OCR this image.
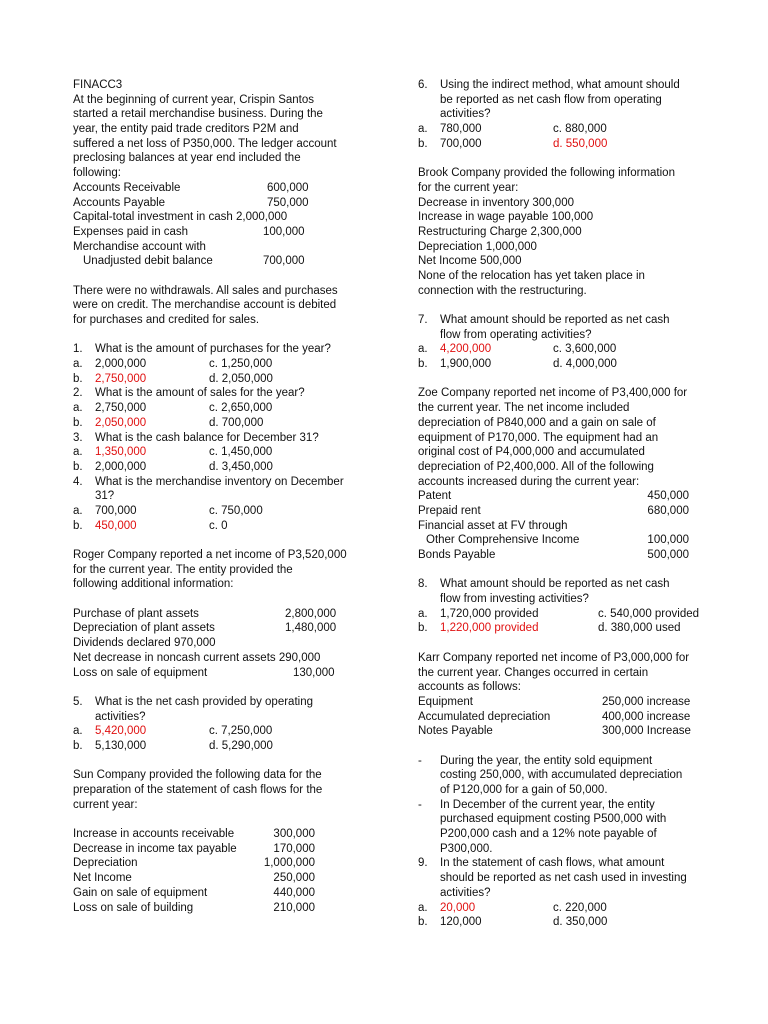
FINACC3
At the beginning of current year, Crispin Santos
started a retail merchandise business. During the
year, the entity paid trade creditors P2M and
suffered a net loss of P350,000. The ledger account
preclosing balances at year end included the
following:
Accounts Receivable	600,000
Accounts Payable	750,000
Capital-total investment in cash 2,000,000
Expenses paid in cash	100,000
Merchandise account with
Unadjusted debit balance	700,000
There were no withdrawals. All sales and purchases
were on credit. The merchandise account is debited
for purchases and credited for sales.
1. What is the amount of purchases for the year?
a. 2,000,000	c. 1,250,000
b. 2,750,000	d. 2,050,000
2. What is the amount of sales for the year?
a. 2,750,000	c. 2,650,000
b. 2,050,000	d. 700,000
3. What is the cash balance for December 31?
a. 1,350,000	c. 1,450,000
b. 2,000,000	d. 3,450,000
4. What is the merchandise inventory on December
31?
a. 700,000	c. 750,000
b. 450,000	c. 0
Roger Company reported a net income of P3,520,000
for the current year. The entity provided the
following additional information:
Purchase of plant assets	2,800,000
Depreciation of plant assets	1,480,000
Dividends declared 970,000
Net decrease in noncash current assets 290,000
Loss on sale of equipment	130,000
5. What is the net cash provided by operating
activities?
a. 5,420,000	c. 7,250,000
b. 5,130,000	d. 5,290,000
Sun Company provided the following data for the
preparation of the statement of cash flows for the
current year:
Increase in accounts receivable	300,000
Decrease in income tax payable	170,000
Depreciation	1,000,000
Net Income	250,000
Gain on sale of equipment	440,000
Loss on sale of building	210,000
6. Using the indirect method, what amount should
be reported as net cash flow from operating
activities?
a. 780,000	c. 880,000
b. 700,000	d. 550,000
Brook Company provided the following information
for the current year:
Decrease in inventory 300,000
Increase in wage payable 100,000
Restructuring Charge 2,300,000
Depreciation 1,000,000
Net Income 500,000
None of the relocation has yet taken place in
connection with the restructuring.
7. What amount should be reported as net cash
flow from operating activities?
a. 4,200,000	c. 3,600,000
b. 1,900,000	d. 4,000,000
Zoe Company reported net income of P3,400,000 for
the current year. The net income included
depreciation of P840,000 and a gain on sale of
equipment of P170,000. The equipment had an
original cost of P4,000,000 and accumulated
depreciation of P2,400,000. All of the following
accounts increased during the current year:
Patent	450,000
Prepaid rent	680,000
Financial asset at FV through
Other Comprehensive Income	100,000
Bonds Payable	500,000
8. What amount should be reported as net cash
flow from investing activities?
a. 1,720,000 provided	c. 540,000 provided
b. 1,220,000 provided	d. 380,000 used
Karr Company reported net income of P3,000,000 for
the current year. Changes occurred in certain
accounts as follows:
Equipment	250,000 increase
Accumulated depreciation	400,000 increase
Notes Payable	300,000 Increase
- During the year, the entity sold equipment
costing 250,000, with accumulated depreciation
of P120,000 for a gain of 50,000.
- In December of the current year, the entity
purchased equipment costing P500,000 with
P200,000 cash and a 12% note payable of
P300,000.
9. In the statement of cash flows, what amount
should be reported as net cash used in investing
activities?
a. 20,000	c. 220,000
b. 120,000	d. 350,000
